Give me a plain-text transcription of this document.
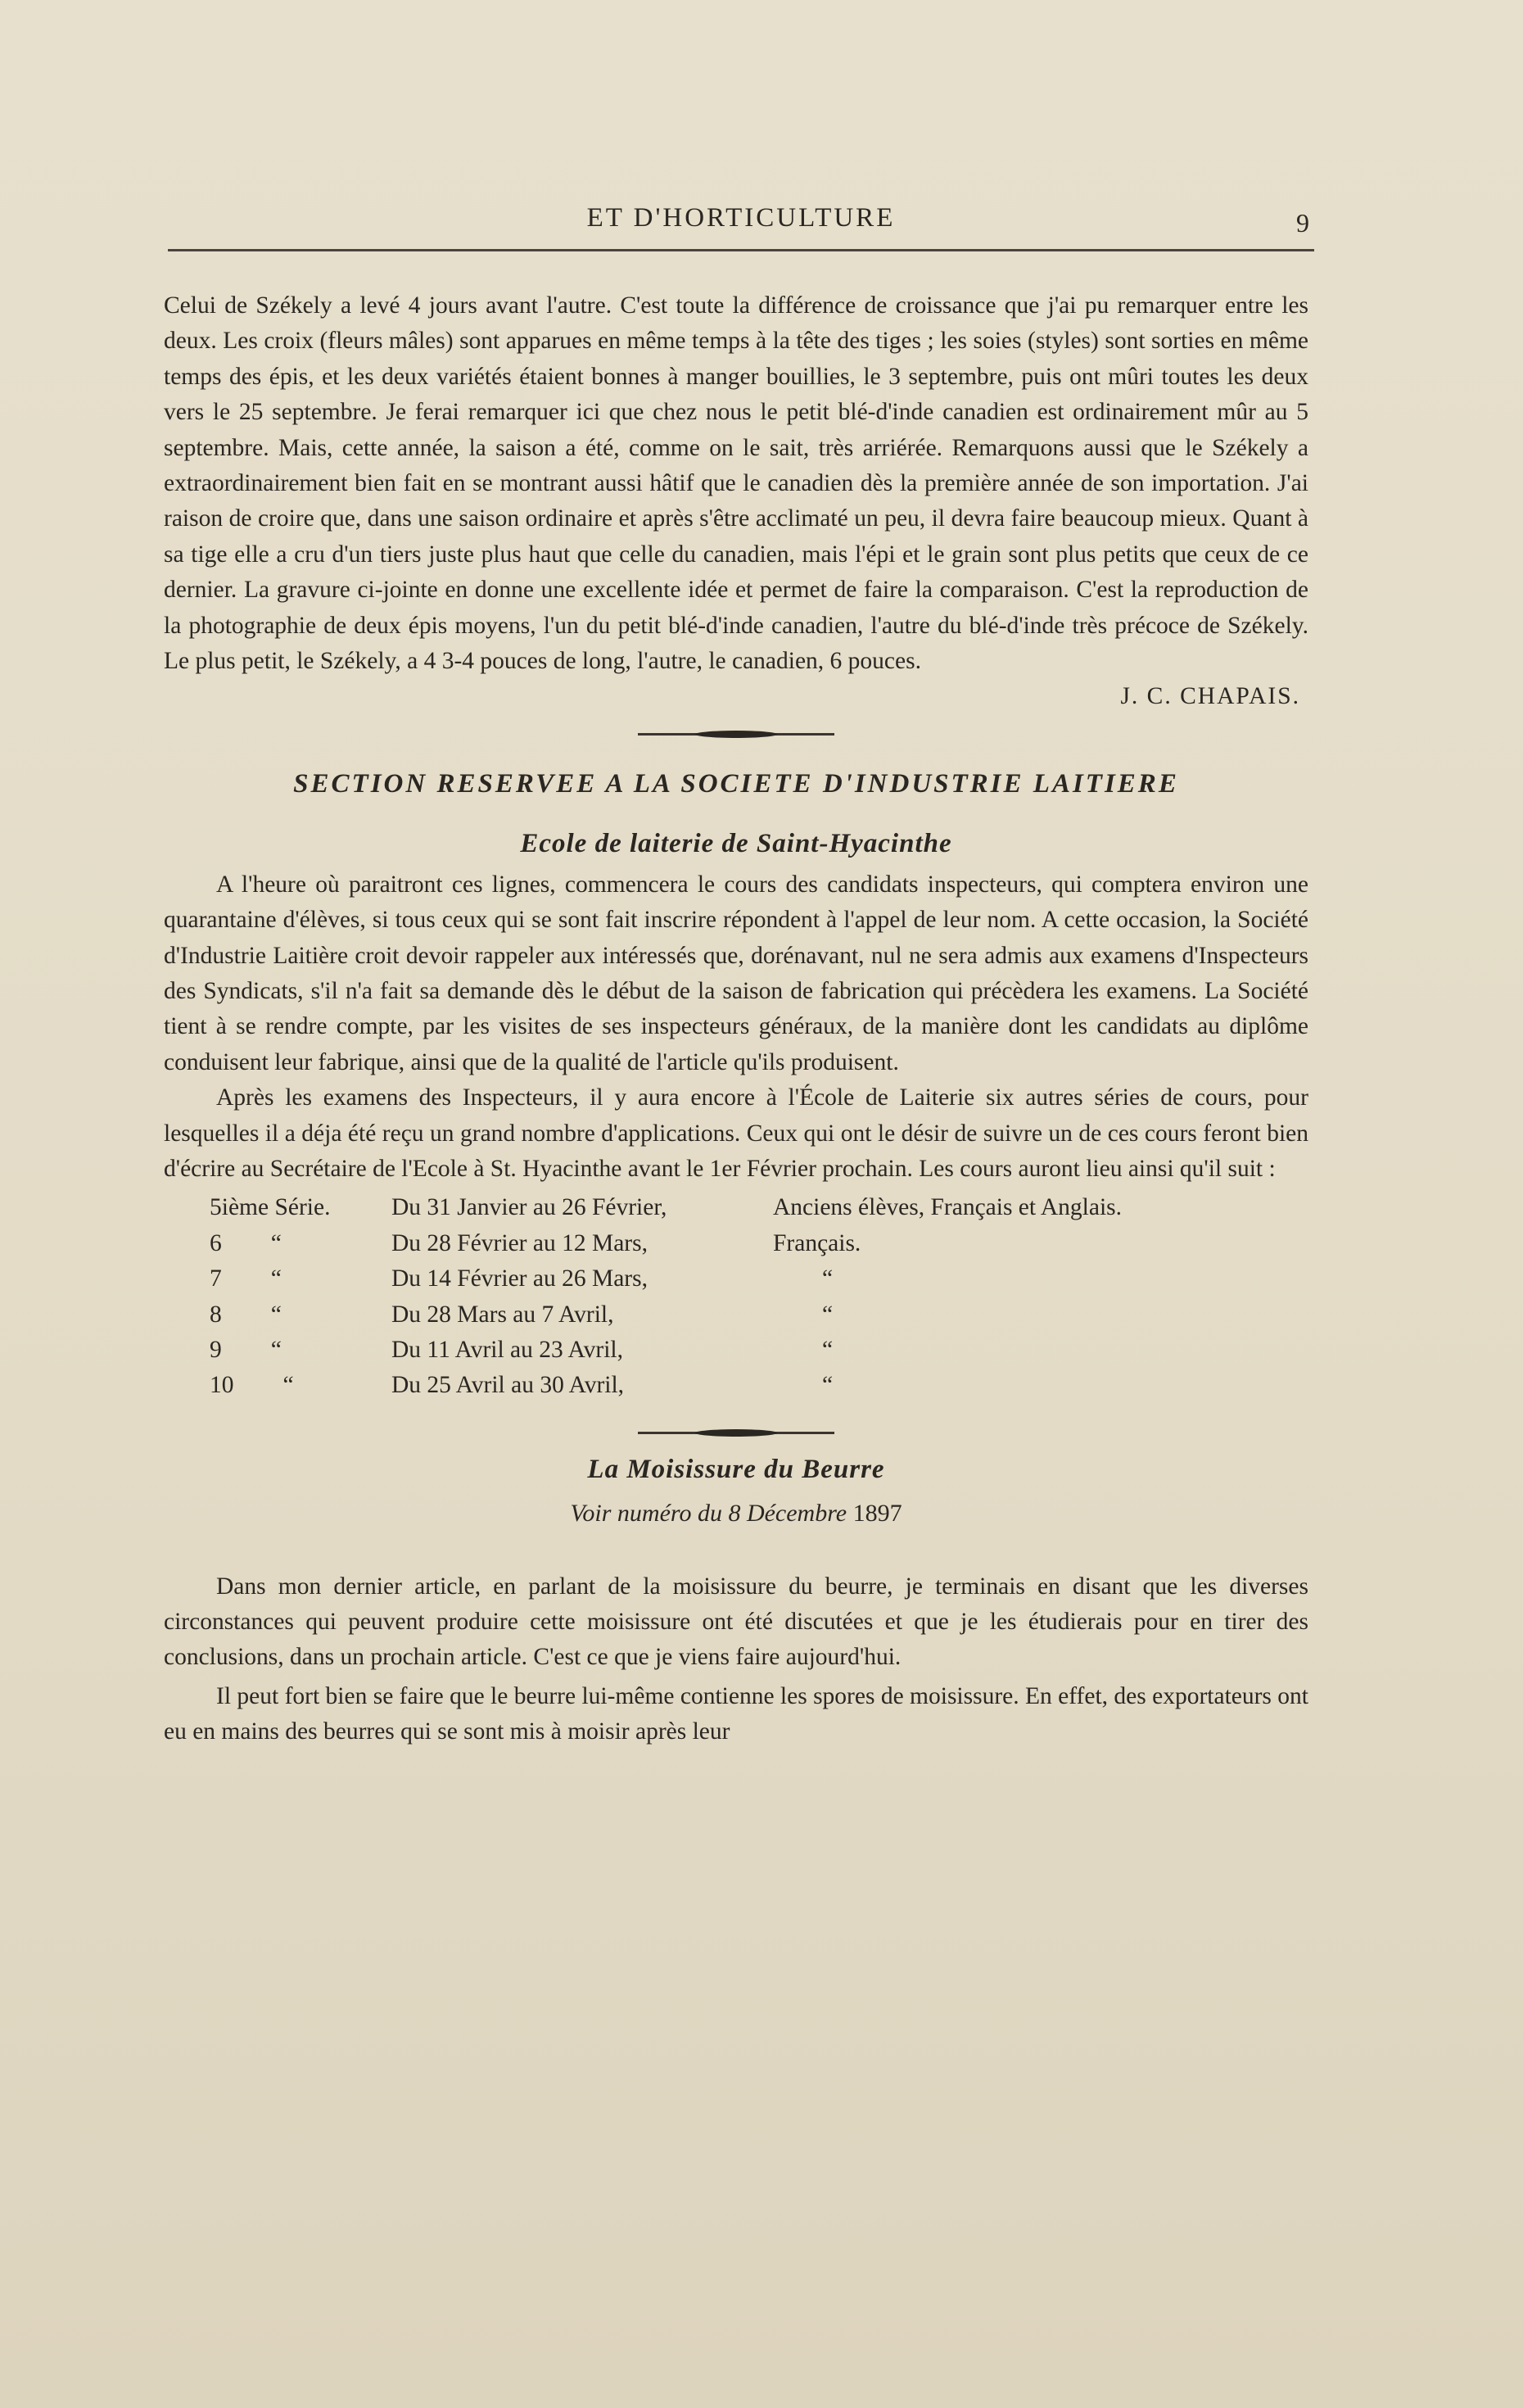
ET D'HORTICULTURE	9

Celui de Székely a levé 4 jours avant l'autre. C'est toute la différence de croissance que j'ai pu remarquer entre les deux. Les croix (fleurs mâles) sont apparues en même temps à la tête des tiges ; les soies (styles) sont sorties en même temps des épis, et les deux variétés étaient bonnes à manger bouillies, le 3 septembre, puis ont mûri toutes les deux vers le 25 septembre. Je ferai remarquer ici que chez nous le petit blé-d'inde canadien est ordinairement mûr au 5 septembre. Mais, cette année, la saison a été, comme on le sait, très arriérée. Remarquons aussi que le Székely a extraordinairement bien fait en se montrant aussi hâtif que le canadien dès la première année de son importation. J'ai raison de croire que, dans une saison ordinaire et après s'être acclimaté un peu, il devra faire beaucoup mieux. Quant à sa tige elle a cru d'un tiers juste plus haut que celle du canadien, mais l'épi et le grain sont plus petits que ceux de ce dernier. La gravure ci-jointe en donne une excellente idée et permet de faire la comparaison. C'est la reproduction de la photographie de deux épis moyens, l'un du petit blé-d'inde canadien, l'autre du blé-d'inde très précoce de Székely. Le plus petit, le Székely, a 4 3-4 pouces de long, l'autre, le canadien, 6 pouces.

J. C. CHAPAIS.

SECTION RESERVEE A LA SOCIETE D'INDUSTRIE LAITIERE
Ecole de laiterie de Saint-Hyacinthe

A l'heure où paraitront ces lignes, commencera le cours des candidats inspecteurs, qui comptera environ une quarantaine d'élèves, si tous ceux qui se sont fait inscrire répondent à l'appel de leur nom. A cette occasion, la Société d'Industrie Laitière croit devoir rappeler aux intéressés que, dorénavant, nul ne sera admis aux examens d'Inspecteurs des Syndicats, s'il n'a fait sa demande dès le début de la saison de fabrication qui précèdera les examens. La Société tient à se rendre compte, par les visites de ses inspecteurs généraux, de la manière dont les candidats au diplôme conduisent leur fabrique, ainsi que de la qualité de l'article qu'ils produisent.

Après les examens des Inspecteurs, il y aura encore à l'École de Laiterie six autres séries de cours, pour lesquelles il a déja été reçu un grand nombre d'applications. Ceux qui ont le désir de suivre un de ces cours feront bien d'écrire au Secrétaire de l'Ecole à St. Hyacinthe avant le 1er Février prochain. Les cours auront lieu ainsi qu'il suit :

5ième Série.	Du 31 Janvier au 26 Février,	Anciens élèves, Français et Anglais.
6 “	Du 28 Février au 12 Mars,	Français.
7 “	Du 14 Février au 26 Mars,	“
8 “	Du 28 Mars au 7 Avril,	“
9 “	Du 11 Avril au 23 Avril,	“
10 “	Du 25 Avril au 30 Avril,	“
La Moisissure du Beurre
Voir numéro du 8 Décembre 1897

Dans mon dernier article, en parlant de la moisissure du beurre, je terminais en disant que les diverses circonstances qui peuvent produire cette moisissure ont été discutées et que je les étudierais pour en tirer des conclusions, dans un prochain article. C'est ce que je viens faire aujourd'hui.

Il peut fort bien se faire que le beurre lui-même contienne les spores de moisissure. En effet, des exportateurs ont eu en mains des beurres qui se sont mis à moisir après leur
